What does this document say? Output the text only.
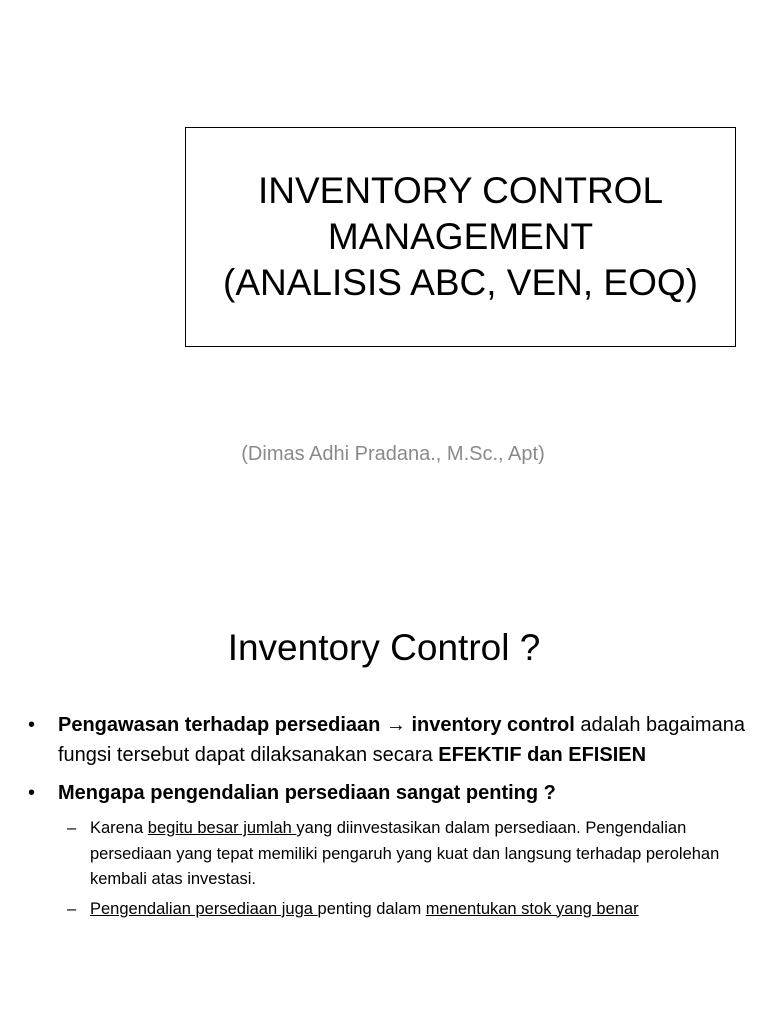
INVENTORY CONTROL
MANAGEMENT
(ANALISIS ABC, VEN, EOQ)
(Dimas Adhi Pradana., M.Sc., Apt)
Inventory Control ?
• Pengawasan terhadap persediaan → inventory control adalah bagaimana fungsi tersebut dapat dilaksanakan secara EFEKTIF dan EFISIEN
• Mengapa pengendalian persediaan sangat penting ?
– Karena begitu besar jumlah yang diinvestasikan dalam persediaan. Pengendalian persediaan yang tepat memiliki pengaruh yang kuat dan langsung terhadap perolehan kembali atas investasi.
– Pengendalian persediaan juga penting dalam menentukan stok yang benar
